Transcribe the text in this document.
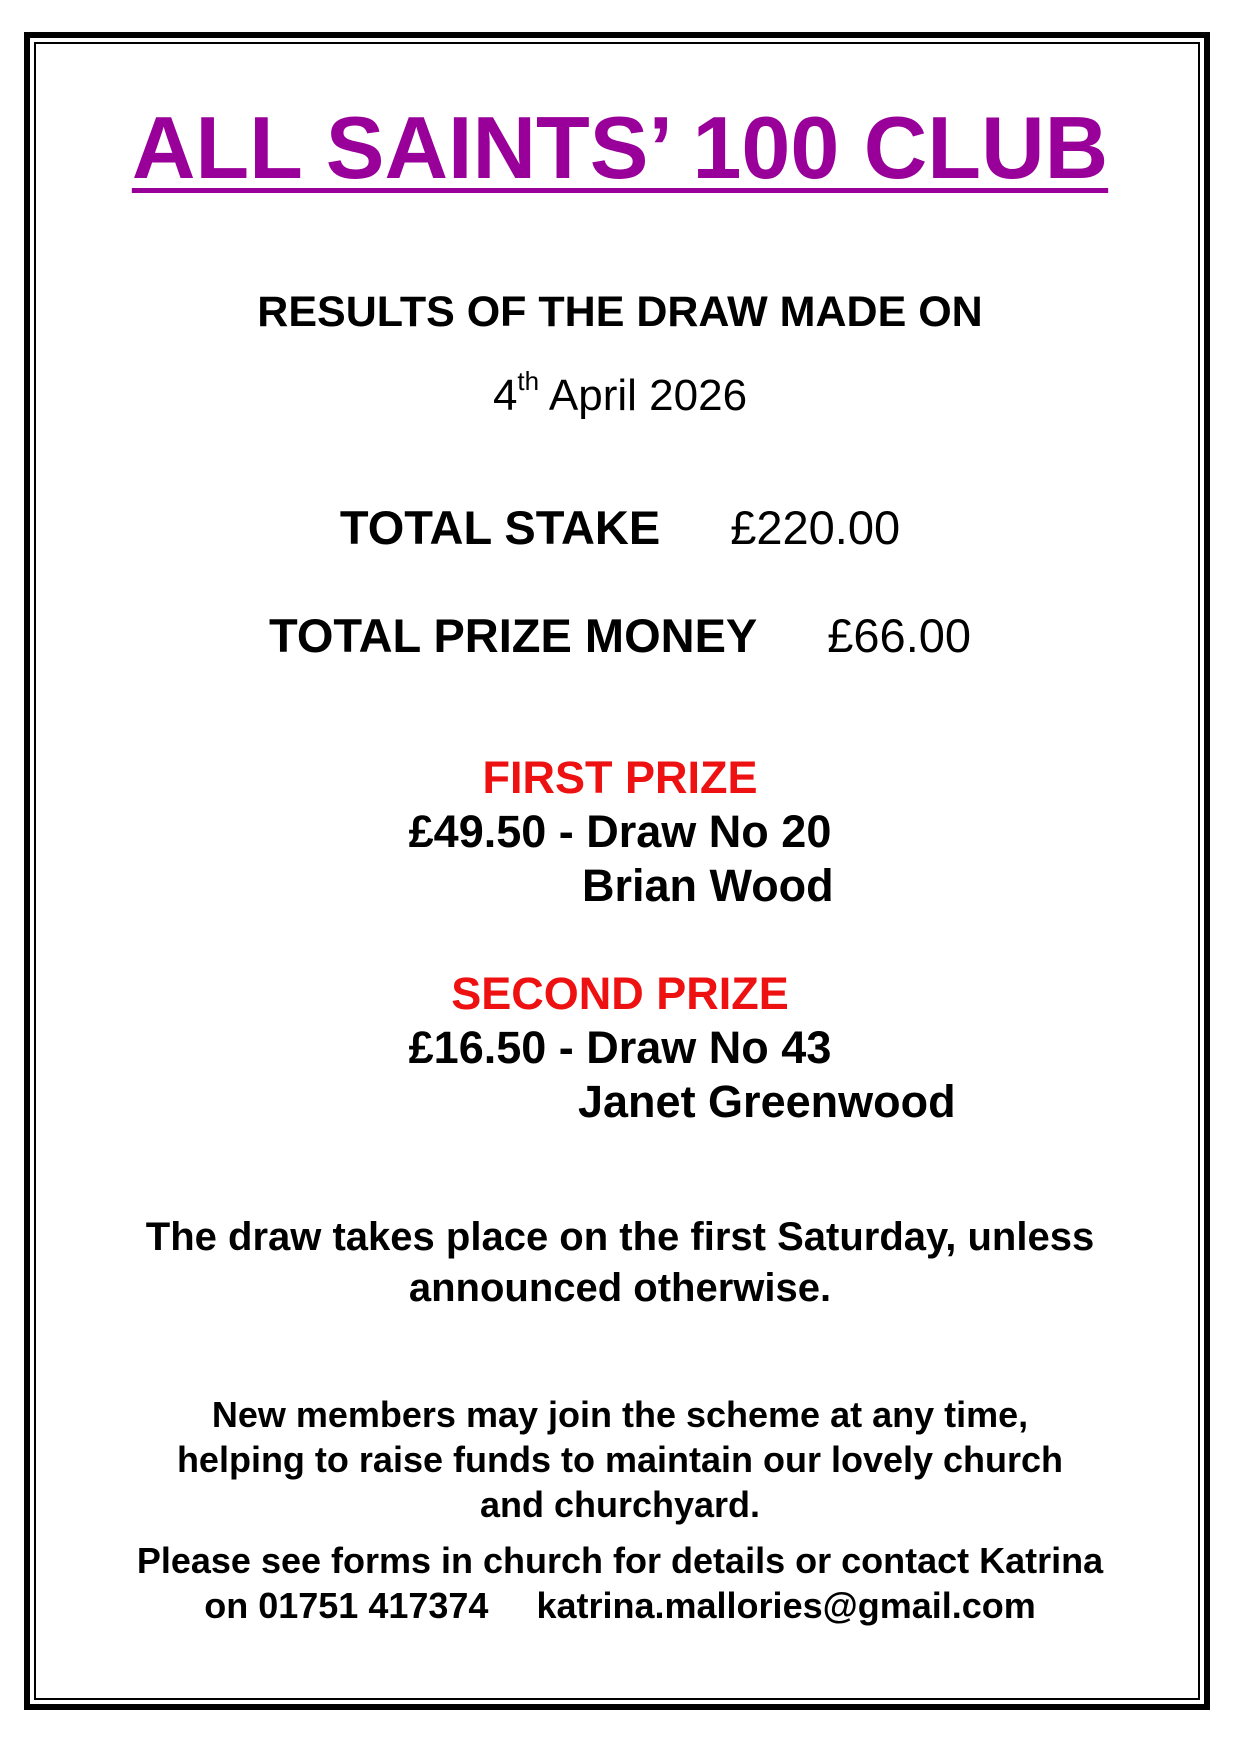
ALL SAINTS’ 100 CLUB
RESULTS OF THE DRAW MADE ON
4th April 2026
TOTAL STAKE £220.00
TOTAL PRIZE MONEY £66.00
FIRST PRIZE
£49.50 - Draw No 20
Brian Wood
SECOND PRIZE
£16.50 - Draw No 43
Janet Greenwood
The draw takes place on the first Saturday, unless
announced otherwise.
New members may join the scheme at any time,
helping to raise funds to maintain our lovely church
and churchyard.
Please see forms in church for details or contact Katrina
on 01751 417374 katrina.mallories@gmail.com
